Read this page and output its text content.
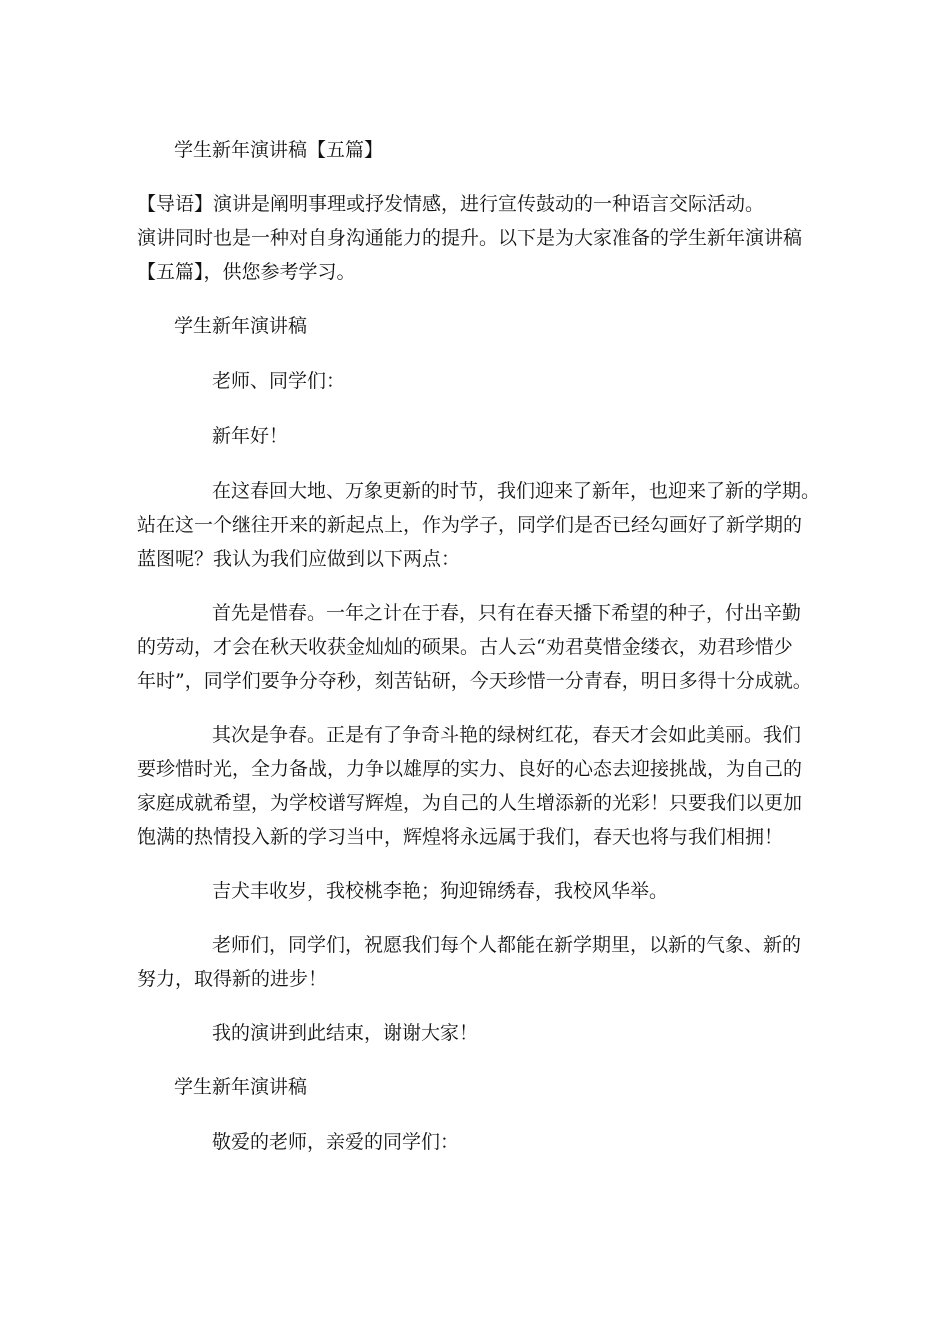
学生新年演讲稿【五篇】
【导语】演讲是阐明事理或抒发情感，进行宣传鼓动的一种语言交际活动。
演讲同时也是一种对自身沟通能力的提升。以下是为大家准备的学生新年演讲稿
【五篇】，供您参考学习。
学生新年演讲稿
老师、同学们：
新年好！
在这春回大地、万象更新的时节，我们迎来了新年，也迎来了新的学期。
站在这一个继往开来的新起点上，作为学子，同学们是否已经勾画好了新学期的
蓝图呢？我认为我们应做到以下两点：
首先是惜春。一年之计在于春，只有在春天播下希望的种子，付出辛勤
的劳动，才会在秋天收获金灿灿的硕果。古人云“劝君莫惜金缕衣，劝君珍惜少
年时”，同学们要争分夺秒，刻苦钻研，今天珍惜一分青春，明日多得十分成就。
其次是争春。正是有了争奇斗艳的绿树红花，春天才会如此美丽。我们
要珍惜时光，全力备战，力争以雄厚的实力、良好的心态去迎接挑战，为自己的
家庭成就希望，为学校谱写辉煌，为自己的人生增添新的光彩！只要我们以更加
饱满的热情投入新的学习当中，辉煌将永远属于我们，春天也将与我们相拥！
吉犬丰收岁，我校桃李艳；狗迎锦绣春，我校风华举。
老师们，同学们，祝愿我们每个人都能在新学期里，以新的气象、新的
努力，取得新的进步！
我的演讲到此结束，谢谢大家！
学生新年演讲稿
敬爱的老师，亲爱的同学们：
